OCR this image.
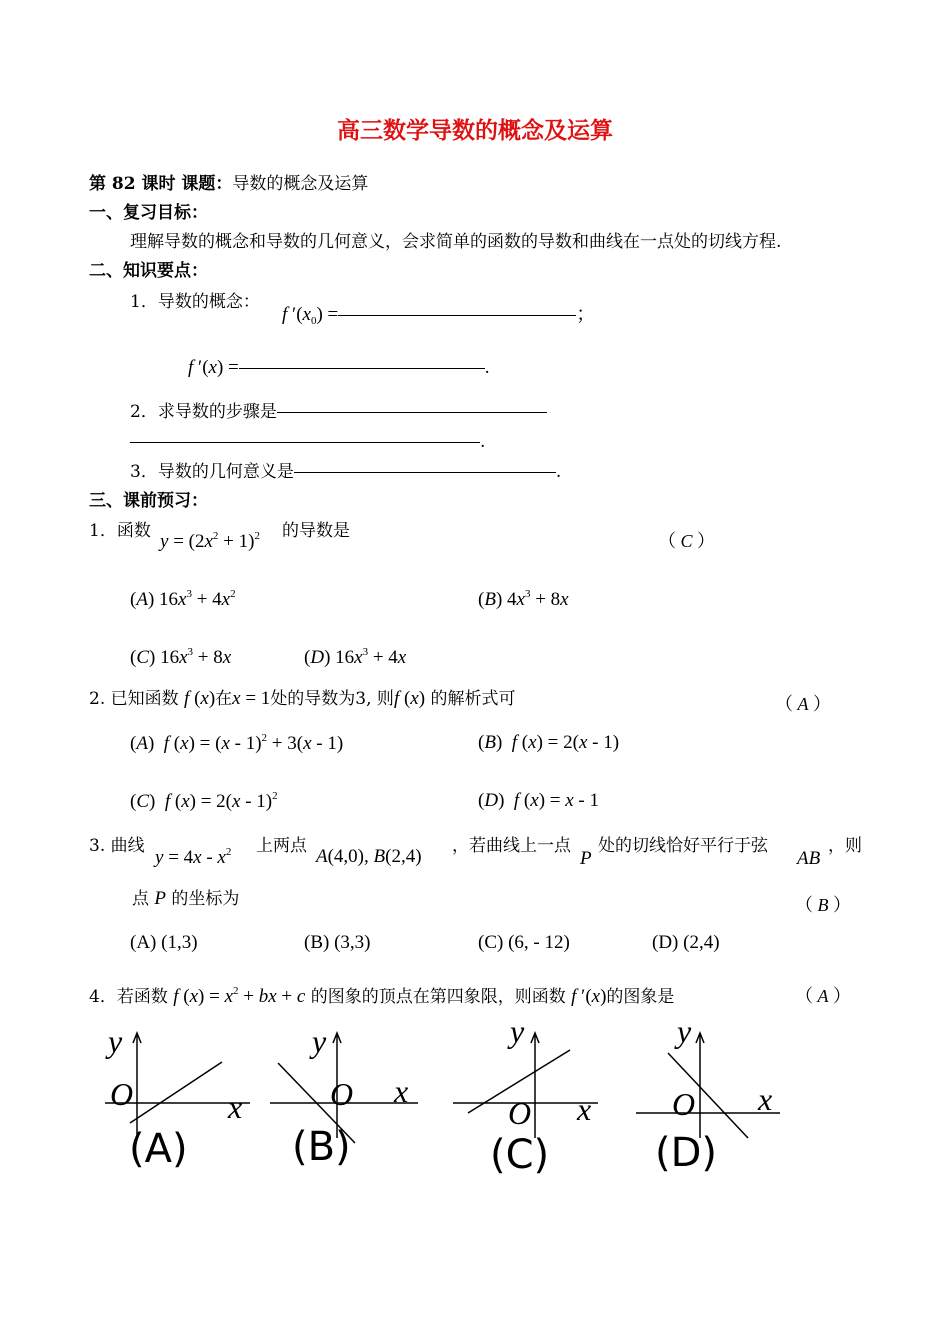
高三数学导数的概念及运算
第 82 课时 课题：导数的概念及运算
一、复习目标：
理解导数的概念和导数的几何意义，会求简单的函数的导数和曲线在一点处的切线方程.
二、知识要点：
1．导数的概念：
f $'(x_0)$ =	；
f ′(x) =	.
2．求导数的步骤是
.
3．导数的几何意义是	.
三、课前预习：
1．函数 $y = (2x^2 + 1)^2$ 的导数是	（ C ）
(A) $16x^3 + 4x^2$	(B) $4x^3 + 8x$
(C) $16x^3 + 8x$	(D) $16x^3 + 4x$
2. 已知函数 f (x)在x = 1处的导数为3, 则f (x) 的解析式可	（ A ）
(A)  f (x) = (x - 1)$^2$ + 3(x - 1)	(B)  f (x) = 2(x - 1)
(C)  f (x) = 2(x - 1)$^2$	(D)  f (x) = x - 1
3. 曲线
$y = 4x - x^2$ 上两点 A(4,0), B(2,4) ，若曲线上一点
P
处的切线恰好平行于弦
AB
，则
点 P 的坐标为	（ B ）
(A) (1,3)	(B) (3,3)	(C) (6, - 12)	(D) (2,4)
4．若函数 f $(x) = x^2$ + bx + c 的图象的顶点在第四象限，则函数 f ′(x)的图象是	（ A ）
y
O	x
(A)
y
O x
(B)
y
O x
(C)
y
O x
(D)
